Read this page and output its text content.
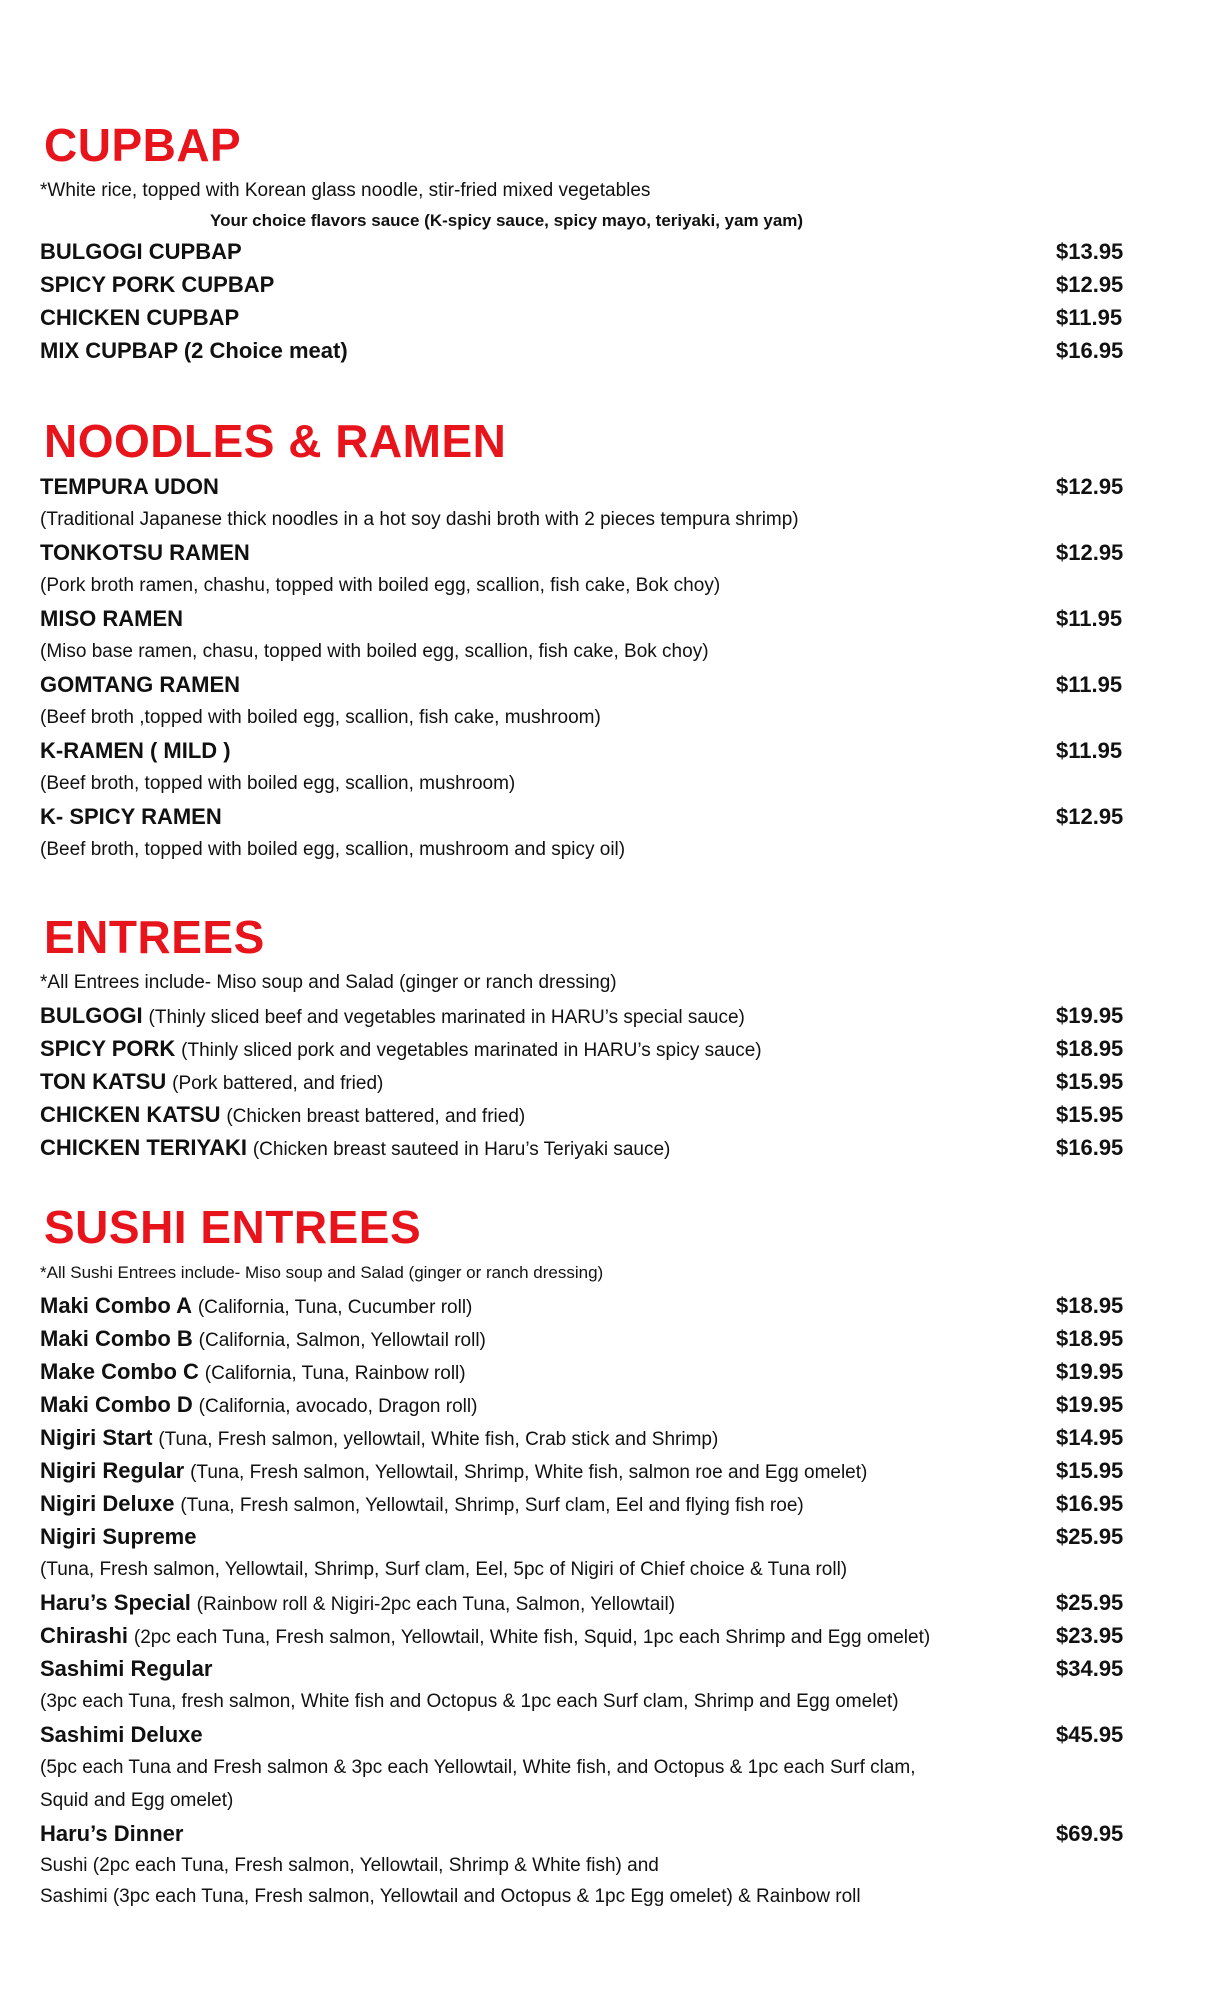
CUPBAP
*White rice, topped with Korean glass noodle, stir-fried mixed vegetables
Your choice flavors sauce (K-spicy sauce, spicy mayo, teriyaki, yam yam)
BULGOGI CUPBAP	$13.95
SPICY PORK CUPBAP	$12.95
CHICKEN CUPBAP	$11.95
MIX CUPBAP (2 Choice meat)	$16.95
NOODLES & RAMEN
TEMPURA UDON	$12.95
(Traditional Japanese thick noodles in a hot soy dashi broth with 2 pieces tempura shrimp)
TONKOTSU RAMEN	$12.95
(Pork broth ramen, chashu, topped with boiled egg, scallion, fish cake, Bok choy)
MISO RAMEN	$11.95
(Miso base ramen, chasu, topped with boiled egg, scallion, fish cake, Bok choy)
GOMTANG RAMEN	$11.95
(Beef broth ,topped with boiled egg, scallion, fish cake, mushroom)
K-RAMEN ( MILD )	$11.95
(Beef broth, topped with boiled egg, scallion, mushroom)
K- SPICY RAMEN	$12.95
(Beef broth, topped with boiled egg, scallion, mushroom and spicy oil)
ENTREES
*All Entrees include- Miso soup and Salad (ginger or ranch dressing)
BULGOGI (Thinly sliced beef and vegetables marinated in HARU’s special sauce)	$19.95
SPICY PORK (Thinly sliced pork and vegetables marinated in HARU’s spicy sauce)	$18.95
TON KATSU (Pork battered, and fried)	$15.95
CHICKEN KATSU (Chicken breast battered, and fried)	$15.95
CHICKEN TERIYAKI (Chicken breast sauteed in Haru’s Teriyaki sauce)	$16.95
SUSHI ENTREES
*All Sushi Entrees include- Miso soup and Salad (ginger or ranch dressing)
Maki Combo A (California, Tuna, Cucumber roll)	$18.95
Maki Combo B (California, Salmon, Yellowtail roll)	$18.95
Make Combo C (California, Tuna, Rainbow roll)	$19.95
Maki Combo D (California, avocado, Dragon roll)	$19.95
Nigiri Start (Tuna, Fresh salmon, yellowtail, White fish, Crab stick and Shrimp)	$14.95
Nigiri Regular (Tuna, Fresh salmon, Yellowtail, Shrimp, White fish, salmon roe and Egg omelet)	$15.95
Nigiri Deluxe (Tuna, Fresh salmon, Yellowtail, Shrimp, Surf clam, Eel and flying fish roe)	$16.95
Nigiri Supreme	$25.95
(Tuna, Fresh salmon, Yellowtail, Shrimp, Surf clam, Eel, 5pc of Nigiri of Chief choice & Tuna roll)
Haru’s Special (Rainbow roll & Nigiri-2pc each Tuna, Salmon, Yellowtail)	$25.95
Chirashi (2pc each Tuna, Fresh salmon, Yellowtail, White fish, Squid, 1pc each Shrimp and Egg omelet)	$23.95
Sashimi Regular	$34.95
(3pc each Tuna, fresh salmon, White fish and Octopus & 1pc each Surf clam, Shrimp and Egg omelet)
Sashimi Deluxe	$45.95
(5pc each Tuna and Fresh salmon & 3pc each Yellowtail, White fish, and Octopus & 1pc each Surf clam,
Squid and Egg omelet)
Haru’s Dinner	$69.95
Sushi (2pc each Tuna, Fresh salmon, Yellowtail, Shrimp & White fish) and
Sashimi (3pc each Tuna, Fresh salmon, Yellowtail and Octopus & 1pc Egg omelet) & Rainbow roll
